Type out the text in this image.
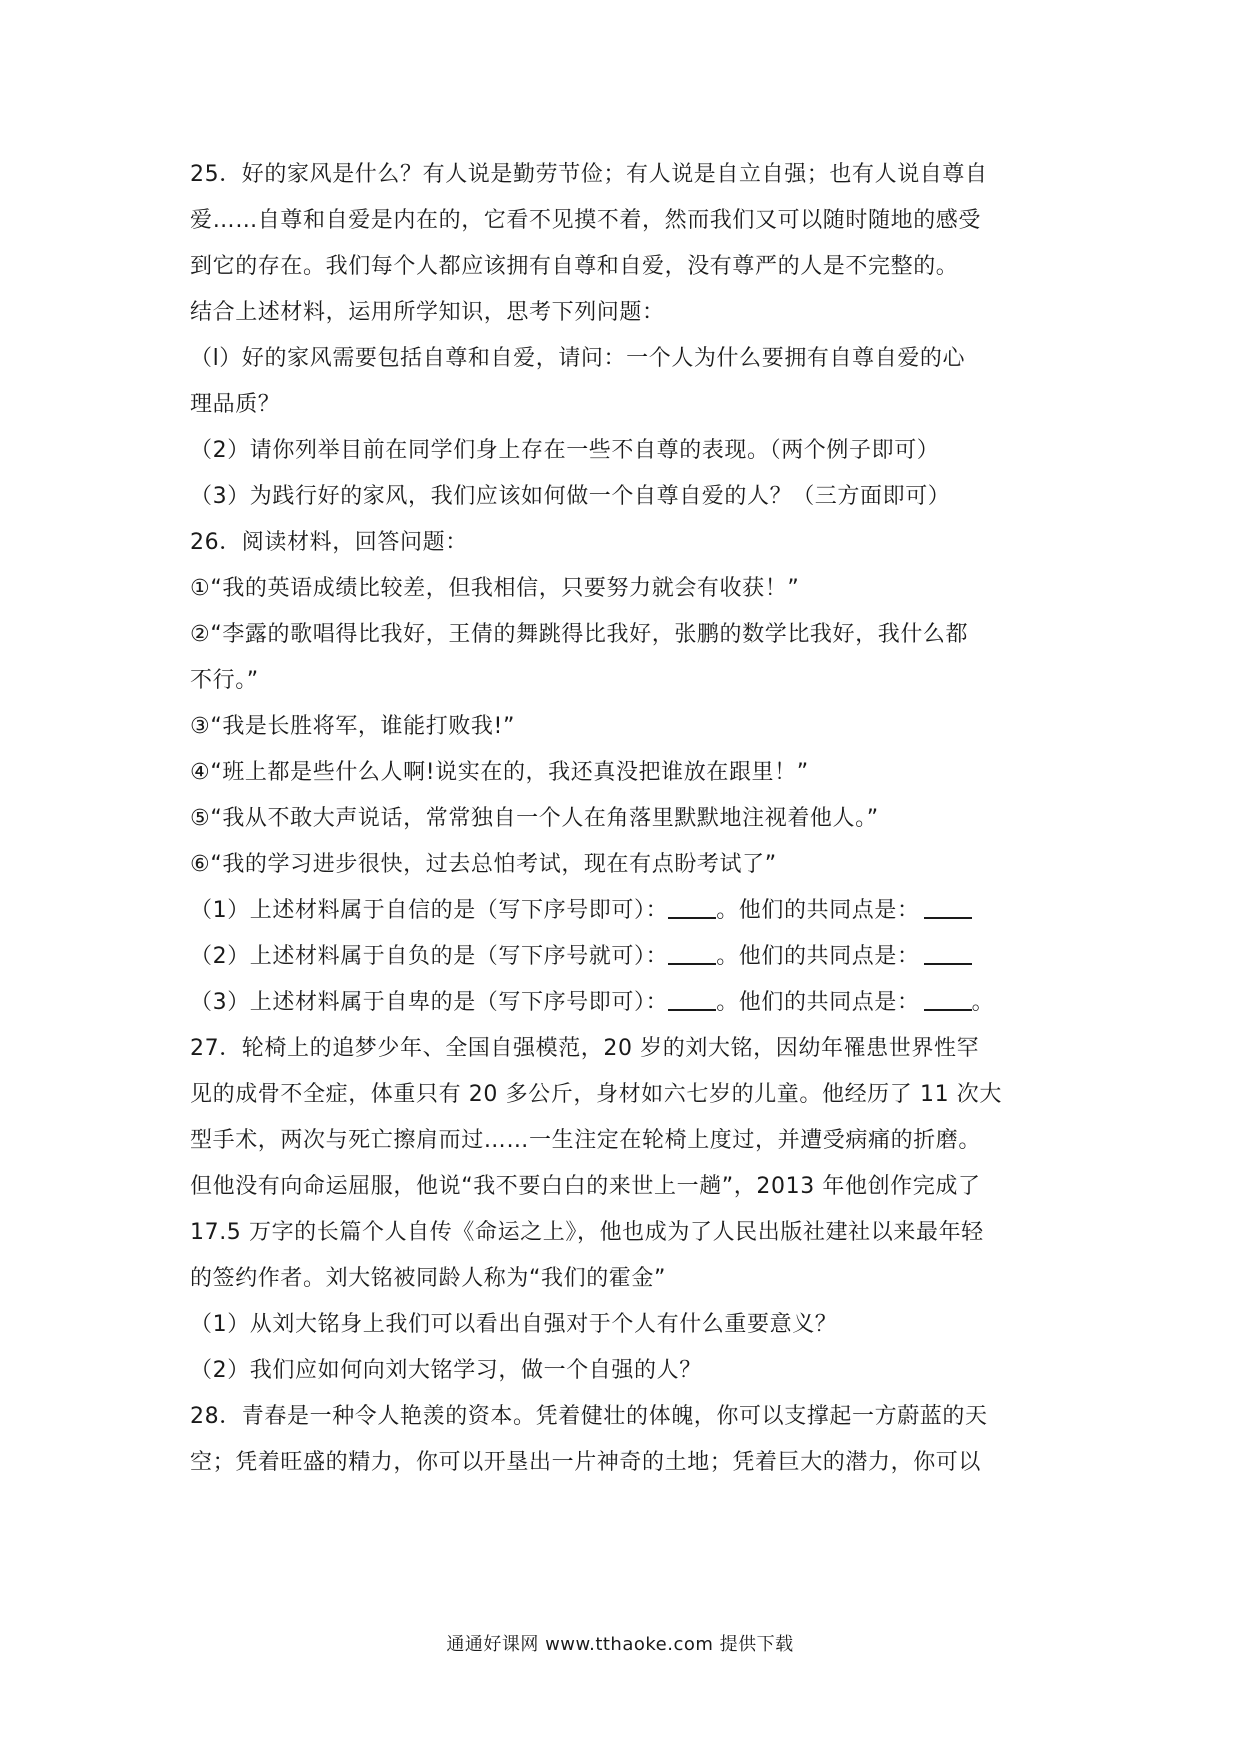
25．好的家风是什么？有人说是勤劳节俭；有人说是自立自强；也有人说自尊自
爱……自尊和自爱是内在的，它看不见摸不着，然而我们又可以随时随地的感受
到它的存在。我们每个人都应该拥有自尊和自爱，没有尊严的人是不完整的。
结合上述材料，运用所学知识，思考下列问题：
（l）好的家风需要包括自尊和自爱，请问：一个人为什么要拥有自尊自爱的心
理品质？
（2）请你列举目前在同学们身上存在一些不自尊的表现。（两个例子即可）
（3）为践行好的家风，我们应该如何做一个自尊自爱的人？（三方面即可）
26．阅读材料，回答问题：
①“我的英语成绩比较差，但我相信，只要努力就会有收获！”
②“李露的歌唱得比我好，王倩的舞跳得比我好，张鹏的数学比我好，我什么都
不行。”
③“我是长胜将军，谁能打败我!”
④“班上都是些什么人啊!说实在的，我还真没把谁放在跟里！”
⑤“我从不敢大声说话，常常独自一个人在角落里默默地注视着他人。”
⑥“我的学习进步很快，过去总怕考试，现在有点盼考试了”
（1）上述材料属于自信的是（写下序号即可）： 。他们的共同点是：
（2）上述材料属于自负的是（写下序号就可）： 。他们的共同点是：
（3）上述材料属于自卑的是（写下序号即可）： 。他们的共同点是： 。
27．轮椅上的追梦少年、全国自强模范，20 岁的刘大铭，因幼年罹患世界性罕
见的成骨不全症，体重只有 20 多公斤，身材如六七岁的儿童。他经历了 11 次大
型手术，两次与死亡擦肩而过……一生注定在轮椅上度过，并遭受病痛的折磨。
但他没有向命运屈服，他说“我不要白白的来世上一趟”，2013 年他创作完成了
17.5 万字的长篇个人自传《命运之上》，他也成为了人民出版社建社以来最年轻
的签约作者。刘大铭被同龄人称为“我们的霍金”
（1）从刘大铭身上我们可以看出自强对于个人有什么重要意义？
（2）我们应如何向刘大铭学习，做一个自强的人？
28．青春是一种令人艳羡的资本。凭着健壮的体魄，你可以支撑起一方蔚蓝的天
空；凭着旺盛的精力，你可以开垦出一片神奇的土地；凭着巨大的潜力，你可以
通通好课网 www.tthaoke.com 提供下载
